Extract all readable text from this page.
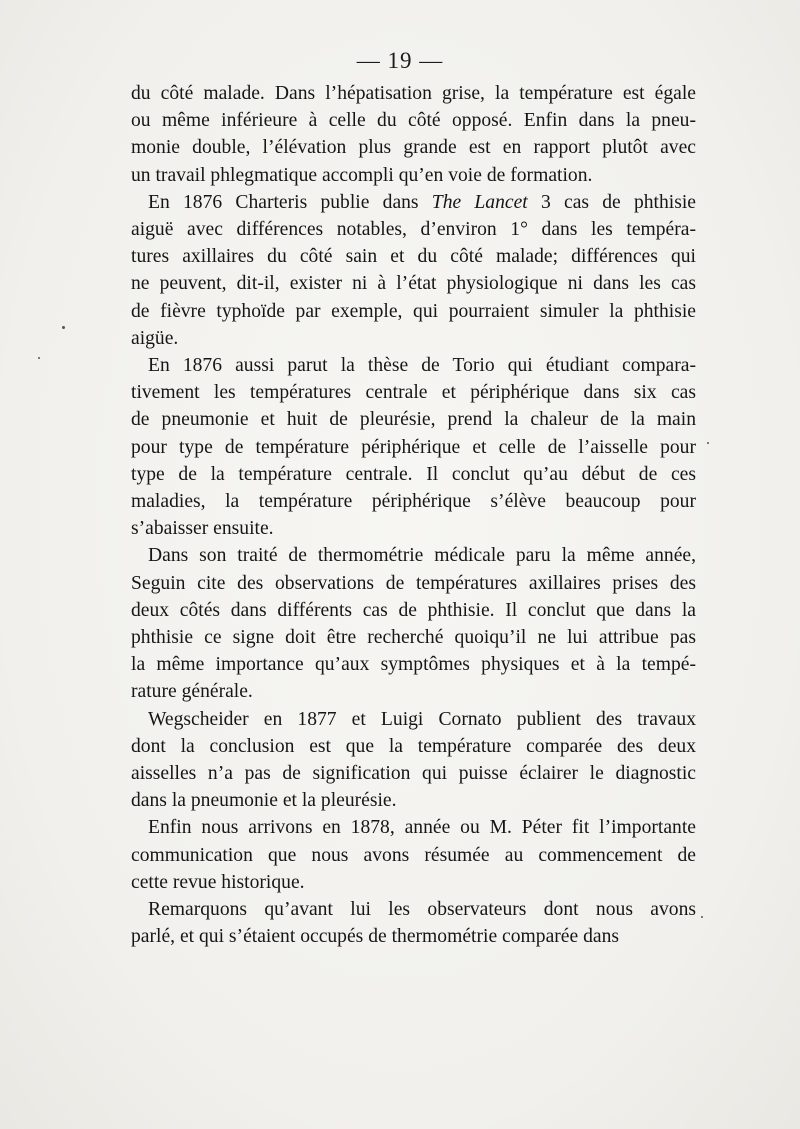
— 19 —

du côté malade. Dans l’hépatisation grise, la température est égale
ou même inférieure à celle du côté opposé. Enfin dans la pneu-
monie double, l’élévation plus grande est en rapport plutôt avec
un travail phlegmatique accompli qu’en voie de formation.

En 1876 Charteris publie dans The Lancet 3 cas de phthisie
aiguë avec différences notables, d’environ 1° dans les tempéra-
tures axillaires du côté sain et du côté malade; différences qui
ne peuvent, dit-il, exister ni à l’état physiologique ni dans les cas
de fièvre typhoïde par exemple, qui pourraient simuler la phthisie
aigüe.

En 1876 aussi parut la thèse de Torio qui étudiant compara-
tivement les températures centrale et périphérique dans six cas
de pneumonie et huit de pleurésie, prend la chaleur de la main
pour type de température périphérique et celle de l’aisselle pour
type de la température centrale. Il conclut qu’au début de ces
maladies, la température périphérique s’élève beaucoup pour
s’abaisser ensuite.

Dans son traité de thermométrie médicale paru la même année,
Seguin cite des observations de températures axillaires prises des
deux côtés dans différents cas de phthisie. Il conclut que dans la
phthisie ce signe doit être recherché quoiqu’il ne lui attribue pas
la même importance qu’aux symptômes physiques et à la tempé-
rature générale.

Wegscheider en 1877 et Luigi Cornato publient des travaux
dont la conclusion est que la température comparée des deux
aisselles n’a pas de signification qui puisse éclairer le diagnostic
dans la pneumonie et la pleurésie.

Enfin nous arrivons en 1878, année ou M. Péter fit l’importante
communication que nous avons résumée au commencement de
cette revue historique.

Remarquons qu’avant lui les observateurs dont nous avons
parlé, et qui s’étaient occupés de thermométrie comparée dans
